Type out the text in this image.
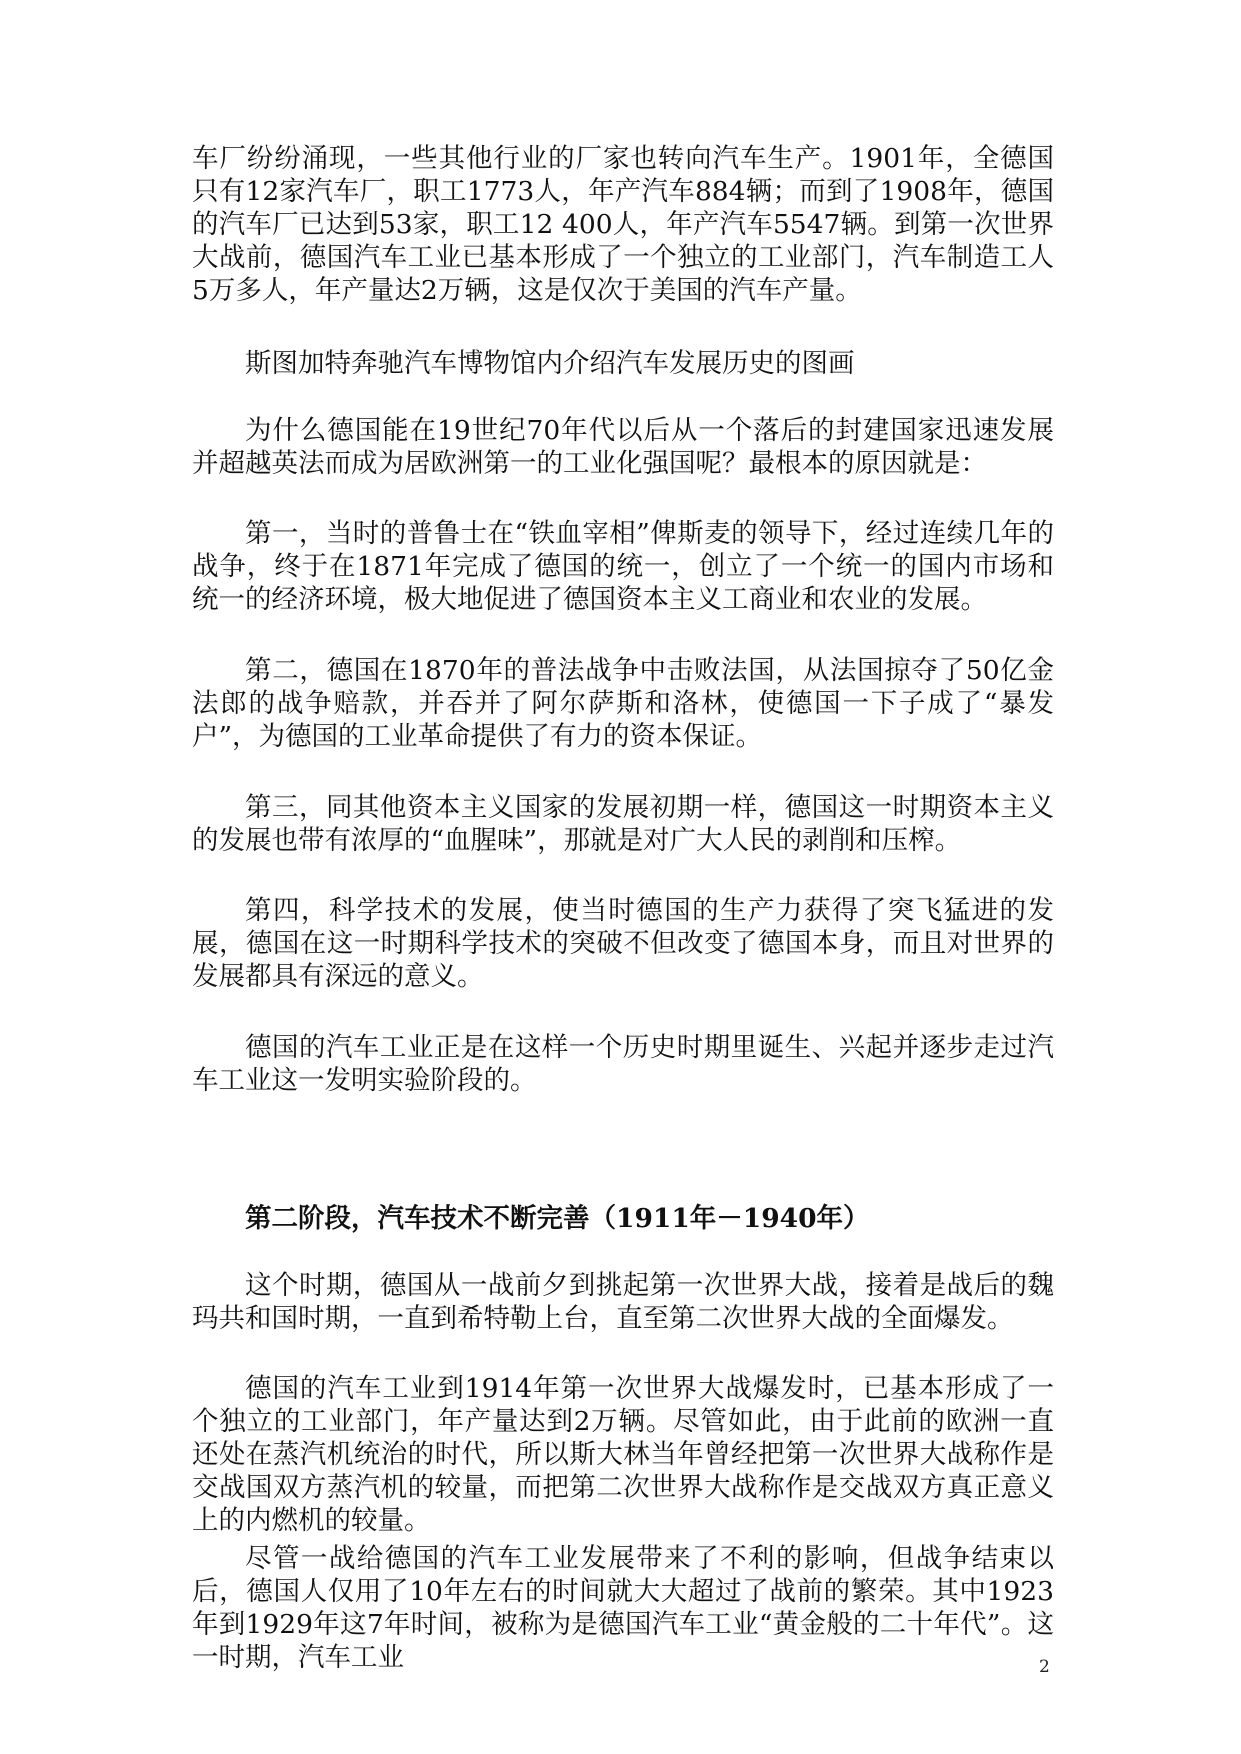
车厂纷纷涌现，一些其他行业的厂家也转向汽车生产。1901年，全德国只有12家汽车厂，职工1773人，年产汽车884辆；而到了1908年，德国的汽车厂已达到53家，职工12 400人，年产汽车5547辆。到第一次世界大战前，德国汽车工业已基本形成了一个独立的工业部门，汽车制造工人5万多人，年产量达2万辆，这是仅次于美国的汽车产量。

斯图加特奔驰汽车博物馆内介绍汽车发展历史的图画

为什么德国能在19世纪70年代以后从一个落后的封建国家迅速发展并超越英法而成为居欧洲第一的工业化强国呢？最根本的原因就是：

第一，当时的普鲁士在“铁血宰相”俾斯麦的领导下，经过连续几年的战争，终于在1871年完成了德国的统一，创立了一个统一的国内市场和统一的经济环境，极大地促进了德国资本主义工商业和农业的发展。

第二，德国在1870年的普法战争中击败法国，从法国掠夺了50亿金法郎的战争赔款，并吞并了阿尔萨斯和洛林，使德国一下子成了“暴发户”，为德国的工业革命提供了有力的资本保证。

第三，同其他资本主义国家的发展初期一样，德国这一时期资本主义的发展也带有浓厚的“血腥味”，那就是对广大人民的剥削和压榨。

第四，科学技术的发展，使当时德国的生产力获得了突飞猛进的发展，德国在这一时期科学技术的突破不但改变了德国本身，而且对世界的发展都具有深远的意义。

德国的汽车工业正是在这样一个历史时期里诞生、兴起并逐步走过汽车工业这一发明实验阶段的。

第二阶段，汽车技术不断完善（1911年－1940年）

这个时期，德国从一战前夕到挑起第一次世界大战，接着是战后的魏玛共和国时期，一直到希特勒上台，直至第二次世界大战的全面爆发。

德国的汽车工业到1914年第一次世界大战爆发时，已基本形成了一个独立的工业部门，年产量达到2万辆。尽管如此，由于此前的欧洲一直还处在蒸汽机统治的时代，所以斯大林当年曾经把第一次世界大战称作是交战国双方蒸汽机的较量，而把第二次世界大战称作是交战双方真正意义上的内燃机的较量。

尽管一战给德国的汽车工业发展带来了不利的影响，但战争结束以后，德国人仅用了10年左右的时间就大大超过了战前的繁荣。其中1923年到1929年这7年时间，被称为是德国汽车工业“黄金般的二十年代”。这一时期，汽车工业	2
